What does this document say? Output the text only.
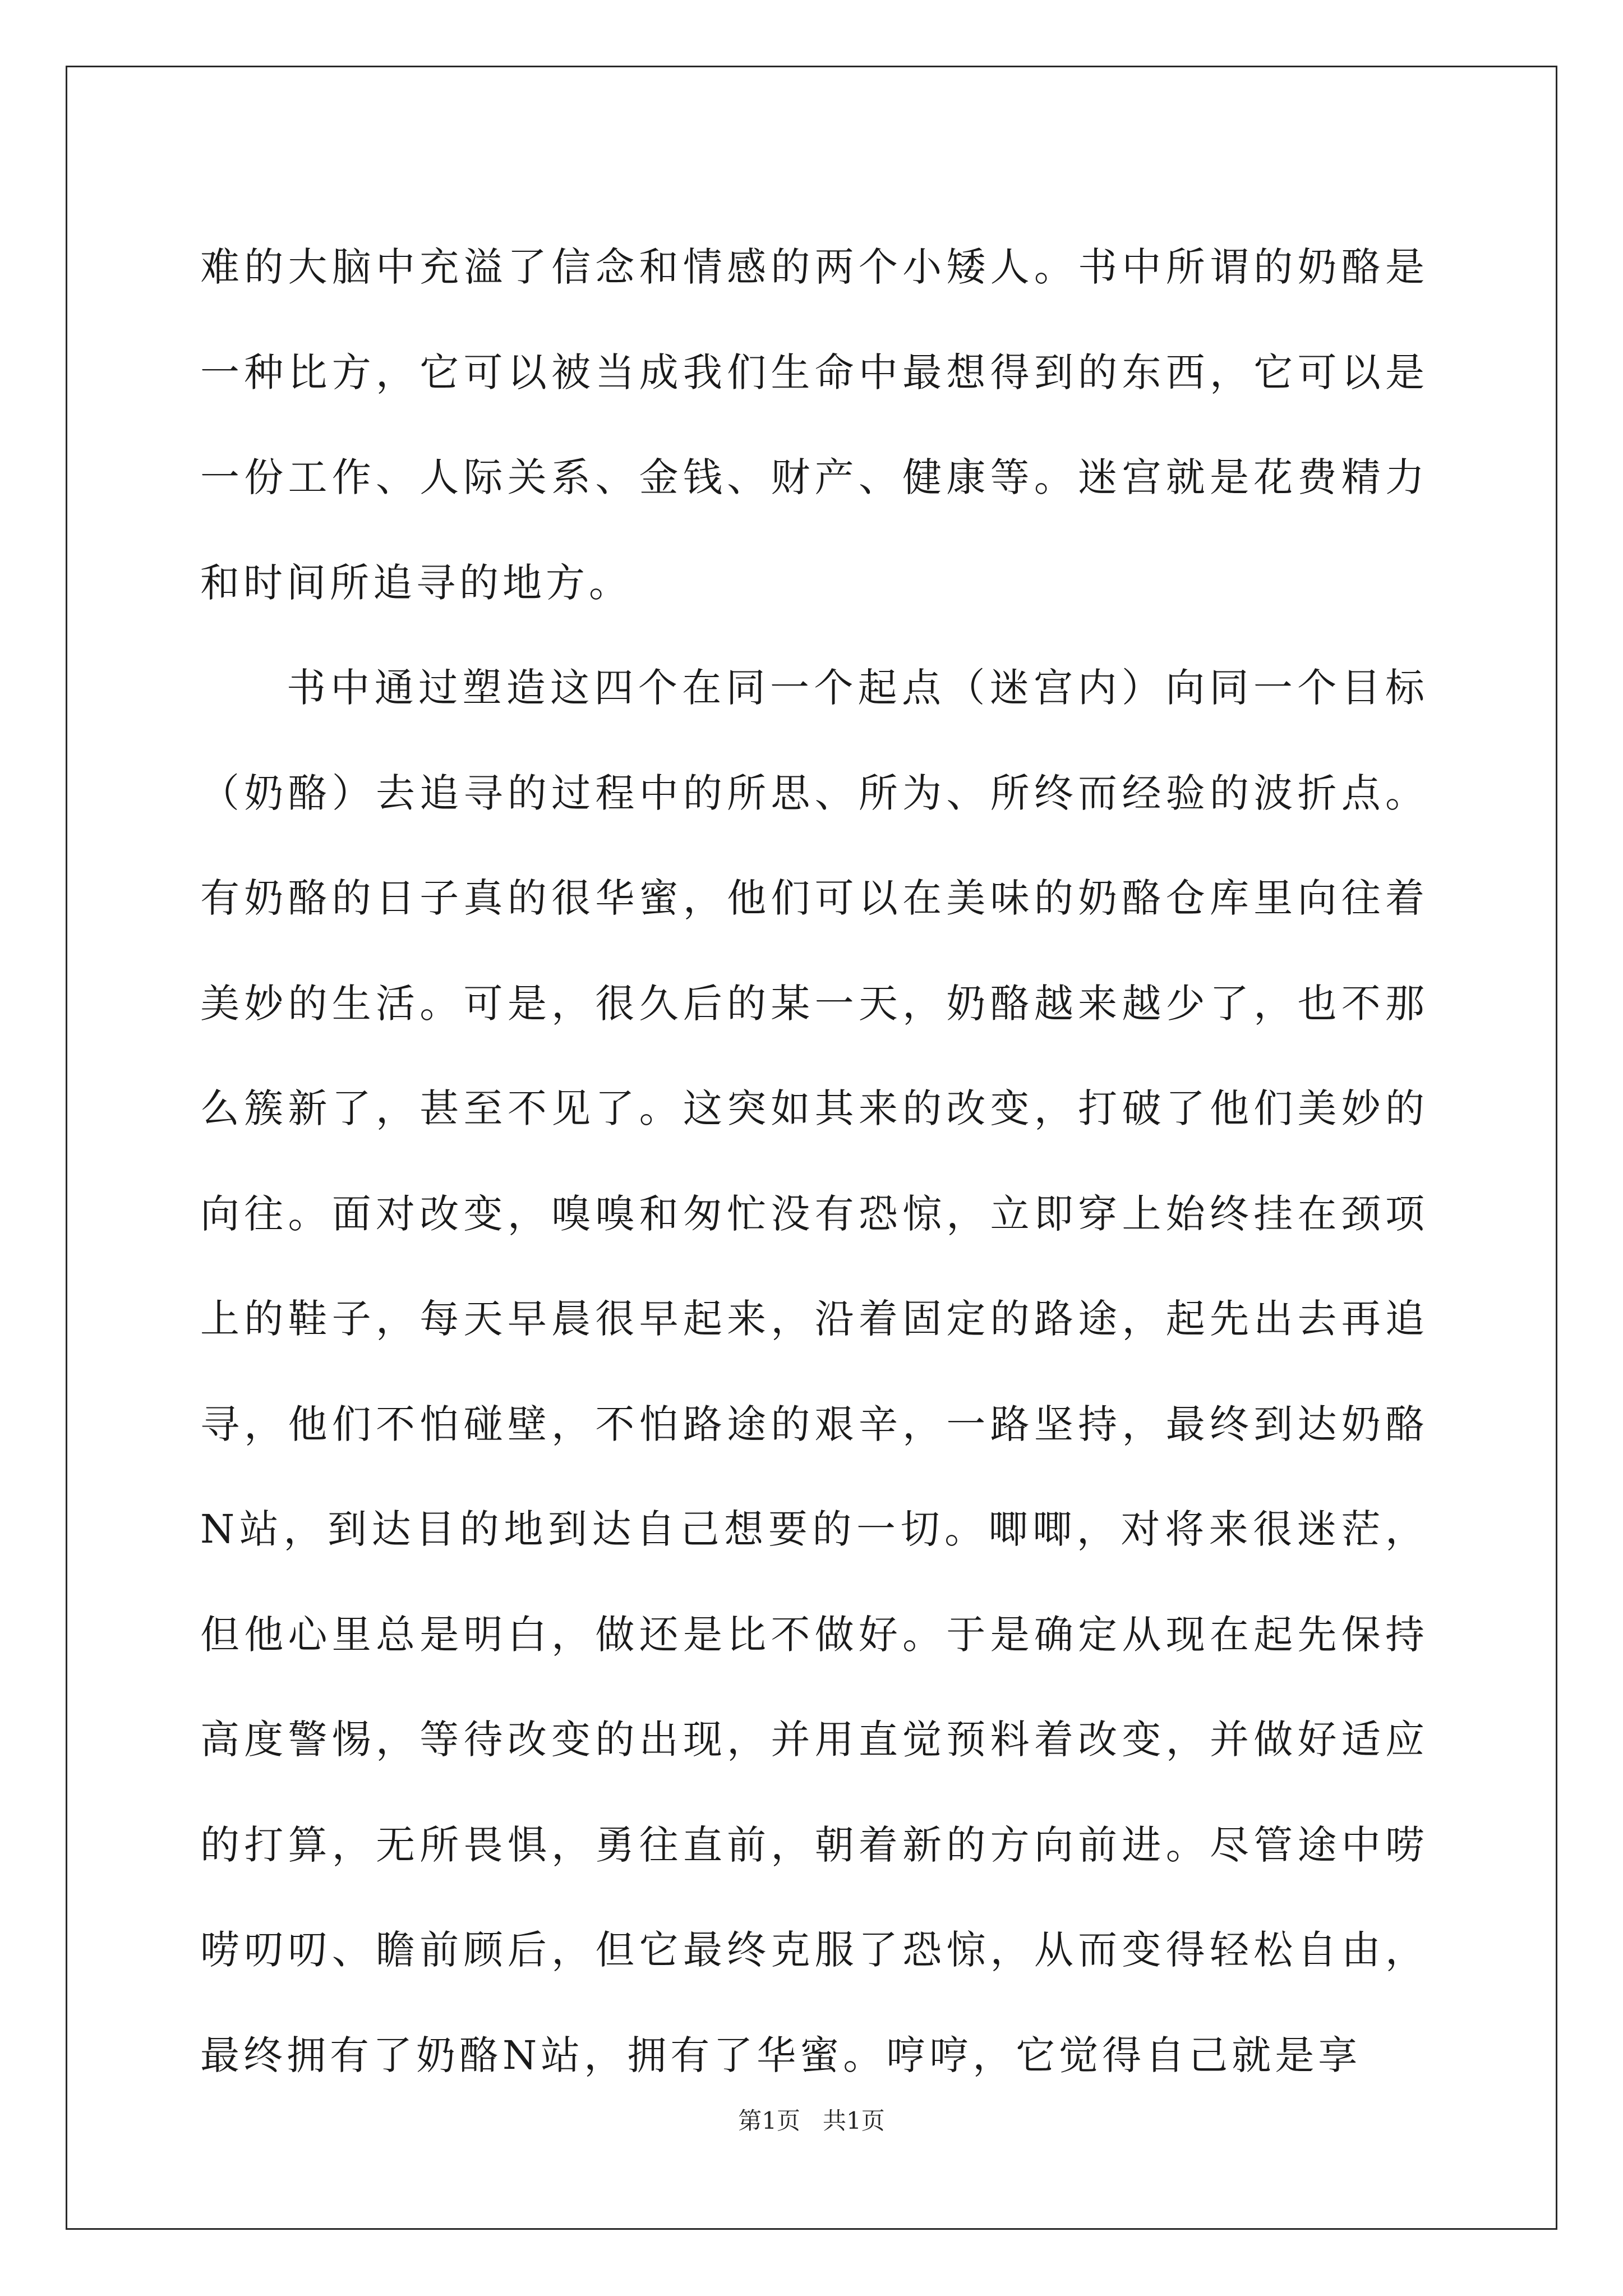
难的大脑中充溢了信念和情感的两个小矮人。书中所谓的奶酪是一种比方，它可以被当成我们生命中最想得到的东西，它可以是一份工作、人际关系、金钱、财产、健康等。迷宫就是花费精力和时间所追寻的地方。

书中通过塑造这四个在同一个起点（迷宫内）向同一个目标（奶酪）去追寻的过程中的所思、所为、所终而经验的波折点。有奶酪的日子真的很华蜜，他们可以在美味的奶酪仓库里向往着美妙的生活。可是，很久后的某一天，奶酪越来越少了，也不那么簇新了，甚至不见了。这突如其来的改变，打破了他们美妙的向往。面对改变，嗅嗅和匆忙没有恐惊，立即穿上始终挂在颈项上的鞋子，每天早晨很早起来，沿着固定的路途，起先出去再追寻，他们不怕碰壁，不怕路途的艰辛，一路坚持，最终到达奶酪N站，到达目的地到达自己想要的一切。唧唧，对将来很迷茫，但他心里总是明白，做还是比不做好。于是确定从现在起先保持高度警惕，等待改变的出现，并用直觉预料着改变，并做好适应的打算，无所畏惧，勇往直前，朝着新的方向前进。尽管途中唠唠叨叨、瞻前顾后，但它最终克服了恐惊，从而变得轻松自由，最终拥有了奶酪N站，拥有了华蜜。哼哼，它觉得自己就是享

第1页 共1页
